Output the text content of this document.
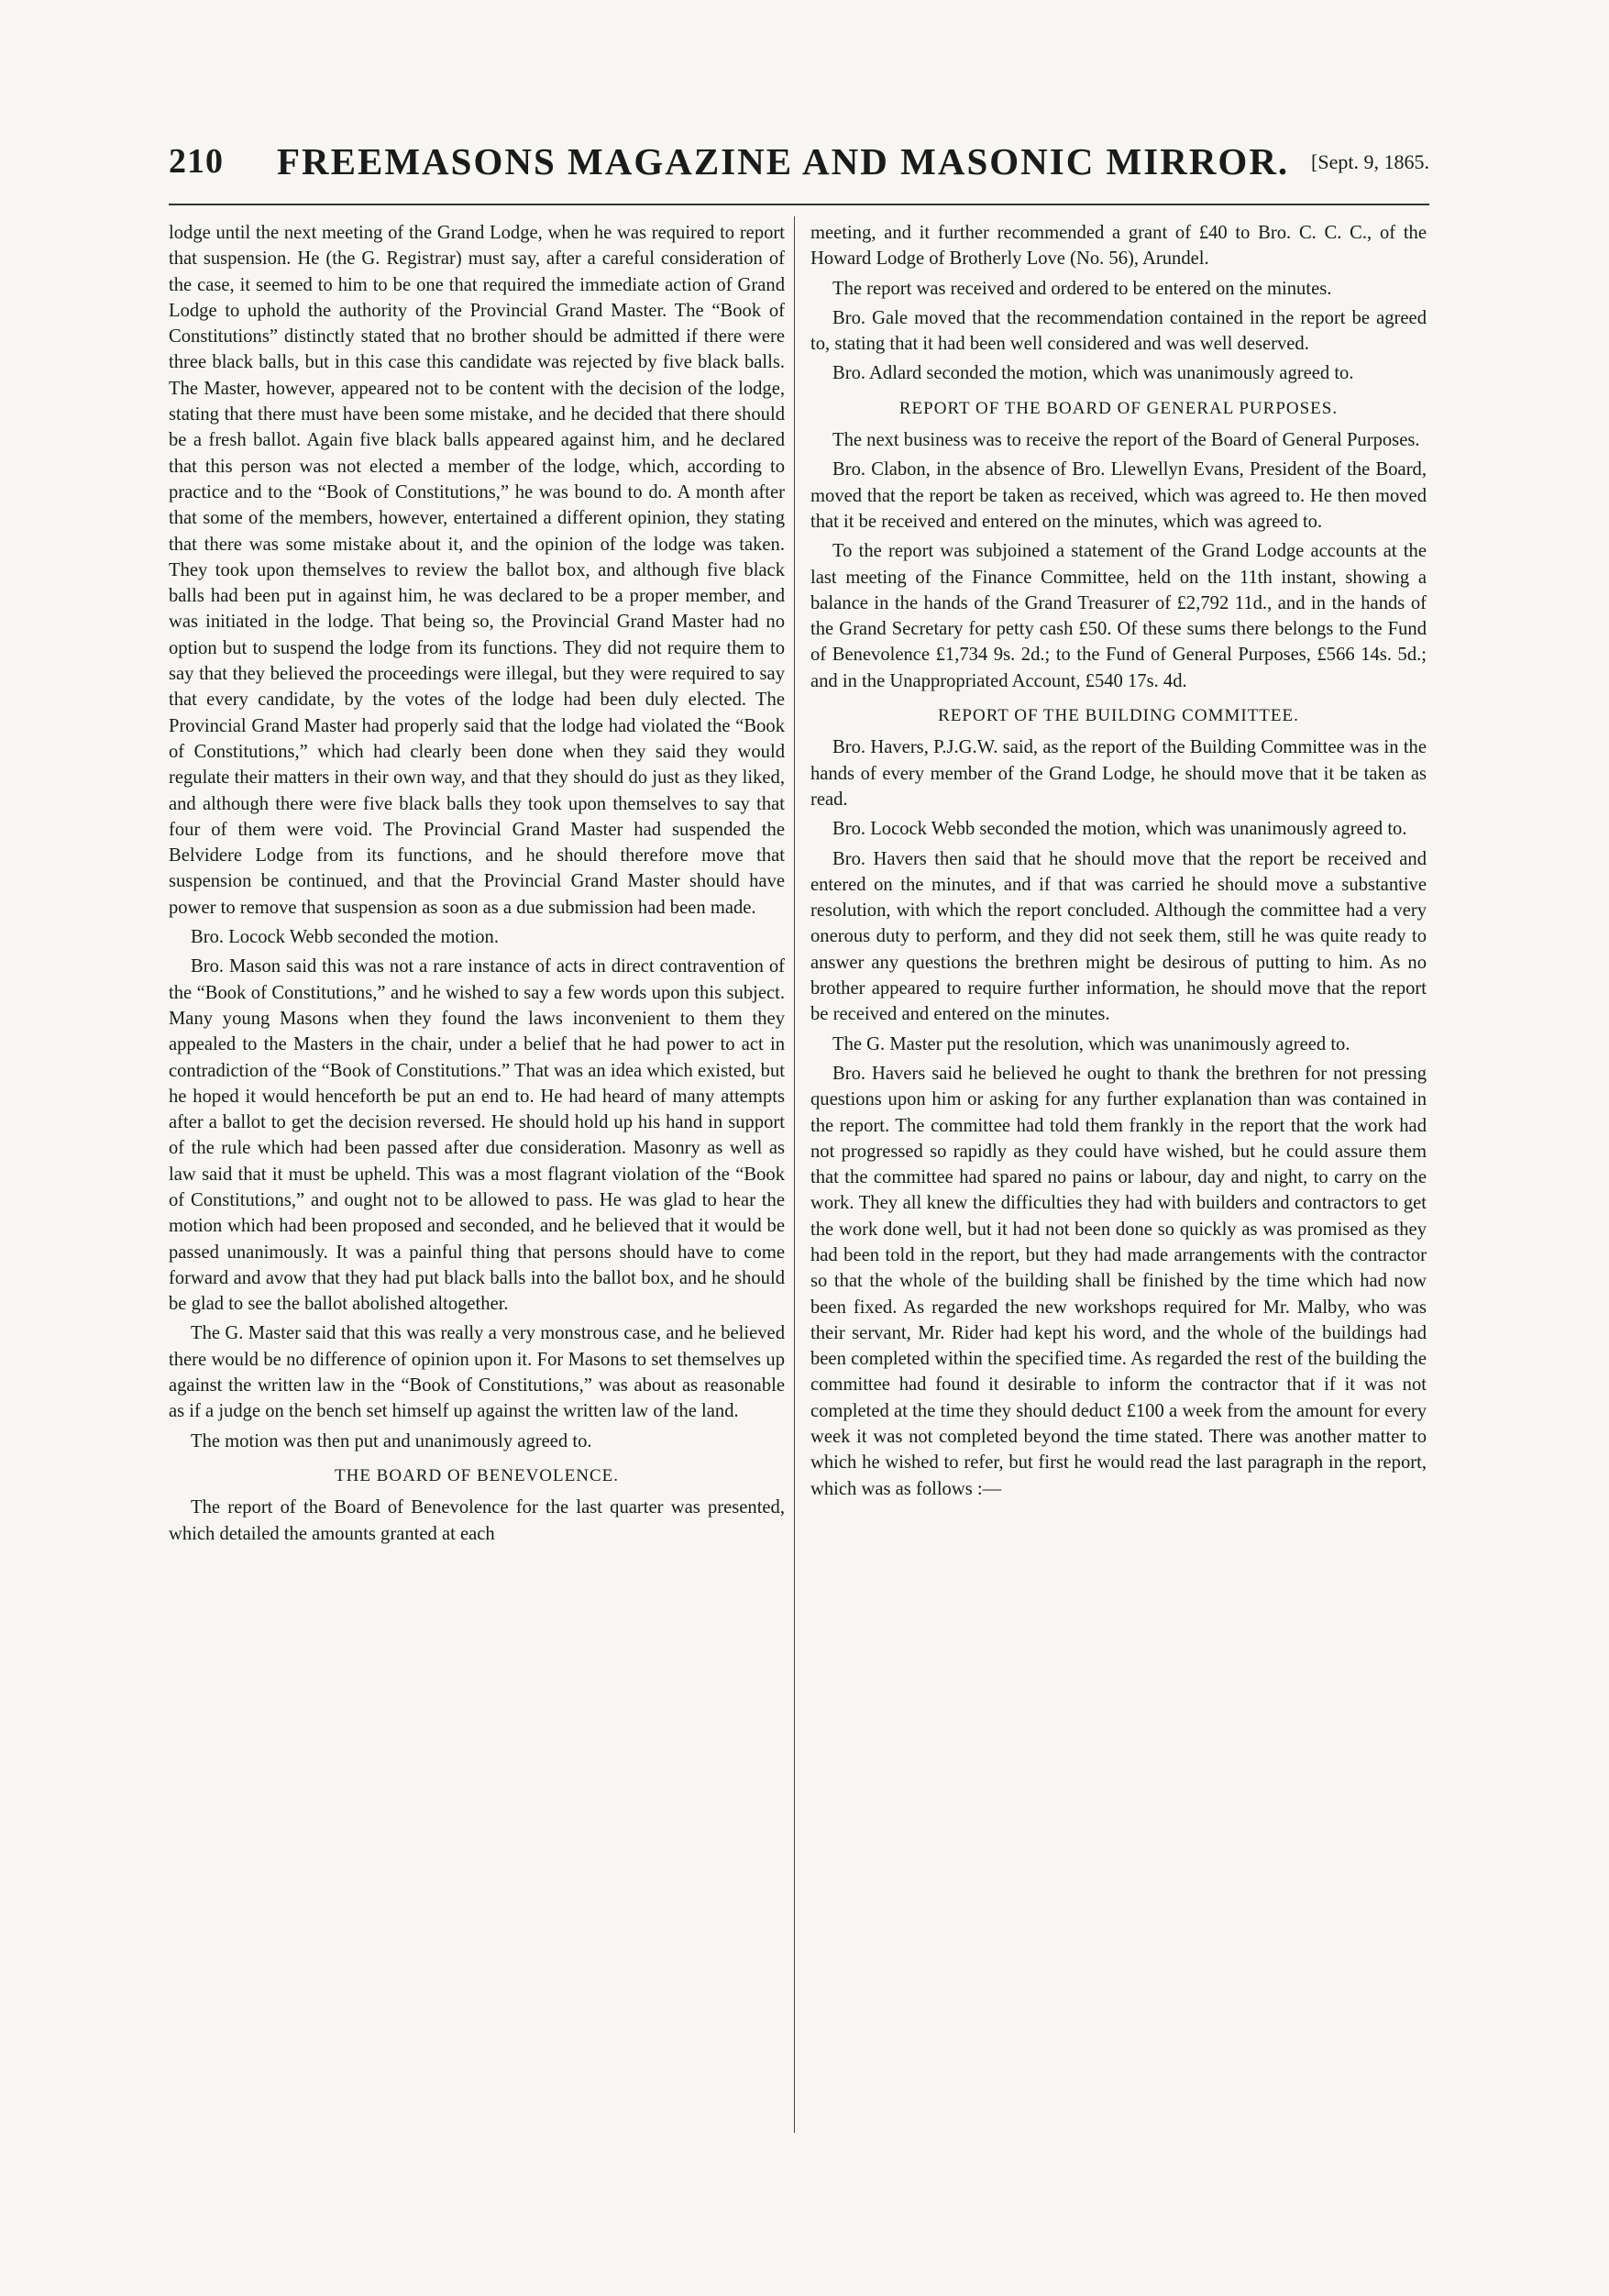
210 FREEMASONS MAGAZINE AND MASONIC MIRROR. [Sept. 9, 1865.

lodge until the next meeting of the Grand Lodge, when he was required to report that suspension. He (the G. Registrar) must say, after a careful consideration of the case, it seemed to him to be one that required the immediate action of Grand Lodge to uphold the authority of the Provincial Grand Master. The “Book of Constitutions” distinctly stated that no brother should be admitted if there were three black balls, but in this case this candidate was rejected by five black balls. The Master, however, appeared not to be content with the decision of the lodge, stating that there must have been some mistake, and he decided that there should be a fresh ballot. Again five black balls appeared against him, and he declared that this person was not elected a member of the lodge, which, according to practice and to the “Book of Constitutions,” he was bound to do. A month after that some of the members, however, entertained a different opinion, they stating that there was some mistake about it, and the opinion of the lodge was taken. They took upon themselves to review the ballot box, and although five black balls had been put in against him, he was declared to be a proper member, and was initiated in the lodge. That being so, the Provincial Grand Master had no option but to suspend the lodge from its functions. They did not require them to say that they believed the proceedings were illegal, but they were required to say that every candidate, by the votes of the lodge had been duly elected. The Provincial Grand Master had properly said that the lodge had violated the “Book of Constitutions,” which had clearly been done when they said they would regulate their matters in their own way, and that they should do just as they liked, and although there were five black balls they took upon themselves to say that four of them were void. The Provincial Grand Master had suspended the Belvidere Lodge from its functions, and he should therefore move that suspension be continued, and that the Provincial Grand Master should have power to remove that suspension as soon as a due submission had been made.

Bro. Locock Webb seconded the motion.

Bro. Mason said this was not a rare instance of acts in direct contravention of the “Book of Constitutions,” and he wished to say a few words upon this subject. Many young Masons when they found the laws inconvenient to them they appealed to the Masters in the chair, under a belief that he had power to act in contradiction of the “Book of Constitutions.” That was an idea which existed, but he hoped it would henceforth be put an end to. He had heard of many attempts after a ballot to get the decision reversed. He should hold up his hand in support of the rule which had been passed after due consideration. Masonry as well as law said that it must be upheld. This was a most flagrant violation of the “Book of Constitutions,” and ought not to be allowed to pass. He was glad to hear the motion which had been proposed and seconded, and he believed that it would be passed unanimously. It was a painful thing that persons should have to come forward and avow that they had put black balls into the ballot box, and he should be glad to see the ballot abolished altogether.

The G. Master said that this was really a very monstrous case, and he believed there would be no difference of opinion upon it. For Masons to set themselves up against the written law in the “Book of Constitutions,” was about as reasonable as if a judge on the bench set himself up against the written law of the land.

The motion was then put and unanimously agreed to.

THE BOARD OF BENEVOLENCE.

The report of the Board of Benevolence for the last quarter was presented, which detailed the amounts granted at each

meeting, and it further recommended a grant of £40 to Bro. C. C. C., of the Howard Lodge of Brotherly Love (No. 56), Arundel.

The report was received and ordered to be entered on the minutes.

Bro. Gale moved that the recommendation contained in the report be agreed to, stating that it had been well considered and was well deserved.

Bro. Adlard seconded the motion, which was unanimously agreed to.

REPORT OF THE BOARD OF GENERAL PURPOSES.

The next business was to receive the report of the Board of General Purposes.

Bro. Clabon, in the absence of Bro. Llewellyn Evans, President of the Board, moved that the report be taken as received, which was agreed to. He then moved that it be received and entered on the minutes, which was agreed to.

To the report was subjoined a statement of the Grand Lodge accounts at the last meeting of the Finance Committee, held on the 11th instant, showing a balance in the hands of the Grand Treasurer of £2,792 11d., and in the hands of the Grand Secretary for petty cash £50. Of these sums there belongs to the Fund of Benevolence £1,734 9s. 2d.; to the Fund of General Purposes, £566 14s. 5d.; and in the Unappropriated Account, £540 17s. 4d.

REPORT OF THE BUILDING COMMITTEE.

Bro. Havers, P.J.G.W. said, as the report of the Building Committee was in the hands of every member of the Grand Lodge, he should move that it be taken as read.

Bro. Locock Webb seconded the motion, which was unanimously agreed to.

Bro. Havers then said that he should move that the report be received and entered on the minutes, and if that was carried he should move a substantive resolution, with which the report concluded. Although the committee had a very onerous duty to perform, and they did not seek them, still he was quite ready to answer any questions the brethren might be desirous of putting to him. As no brother appeared to require further information, he should move that the report be received and entered on the minutes.

The G. Master put the resolution, which was unanimously agreed to.

Bro. Havers said he believed he ought to thank the brethren for not pressing questions upon him or asking for any further explanation than was contained in the report. The committee had told them frankly in the report that the work had not progressed so rapidly as they could have wished, but he could assure them that the committee had spared no pains or labour, day and night, to carry on the work. They all knew the difficulties they had with builders and contractors to get the work done well, but it had not been done so quickly as was promised as they had been told in the report, but they had made arrangements with the contractor so that the whole of the building shall be finished by the time which had now been fixed. As regarded the new workshops required for Mr. Malby, who was their servant, Mr. Rider had kept his word, and the whole of the buildings had been completed within the specified time. As regarded the rest of the building the committee had found it desirable to inform the contractor that if it was not completed at the time they should deduct £100 a week from the amount for every week it was not completed beyond the time stated. There was another matter to which he wished to refer, but first he would read the last paragraph in the report, which was as follows :—
